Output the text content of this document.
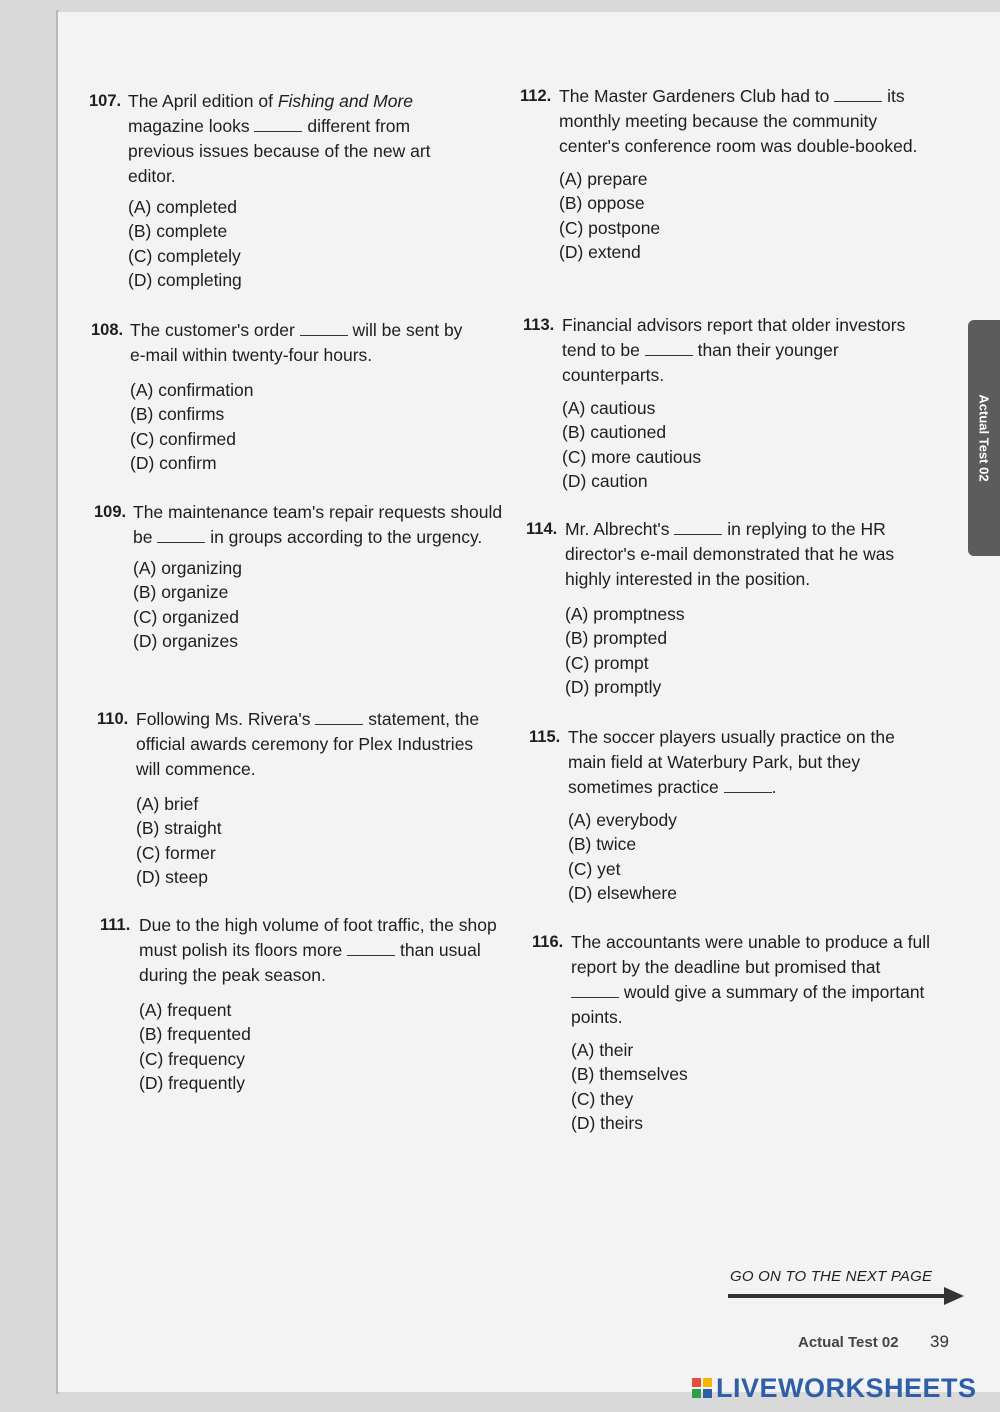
107. The April edition of Fishing and More magazine looks	different from previous issues because of the new art editor.
(A) completed
(B) complete
(C) completely
(D) completing
108. The customer's order	will be sent by e-mail within twenty-four hours.
(A) confirmation
(B) confirms
(C) confirmed
(D) confirm
109. The maintenance team's repair requests should be	in groups according to the urgency.
(A) organizing
(B) organize
(C) organized
(D) organizes
110. Following Ms. Rivera's	statement, the official awards ceremony for Plex Industries will commence.
(A) brief
(B) straight
(C) former
(D) steep
111. Due to the high volume of foot traffic, the shop must polish its floors more	than usual during the peak season.
(A) frequent
(B) frequented
(C) frequency
(D) frequently
112. The Master Gardeners Club had to	its monthly meeting because the community center's conference room was double-booked.
(A) prepare
(B) oppose
(C) postpone
(D) extend
113. Financial advisors report that older investors tend to be	than their younger counterparts.
(A) cautious
(B) cautioned
(C) more cautious
(D) caution
114. Mr. Albrecht's	in replying to the HR director's e-mail demonstrated that he was highly interested in the position.
(A) promptness
(B) prompted
(C) prompt
(D) promptly
115. The soccer players usually practice on the main field at Waterbury Park, but they sometimes practice	.
(A) everybody
(B) twice
(C) yet
(D) elsewhere
116. The accountants were unable to produce a full report by the deadline but promised that  would give a summary of the important points.
(A) their
(B) themselves
(C) they
(D) theirs
Actual Test 02
GO ON TO THE NEXT PAGE
Actual Test 02 39
LIVEWORKSHEETS
